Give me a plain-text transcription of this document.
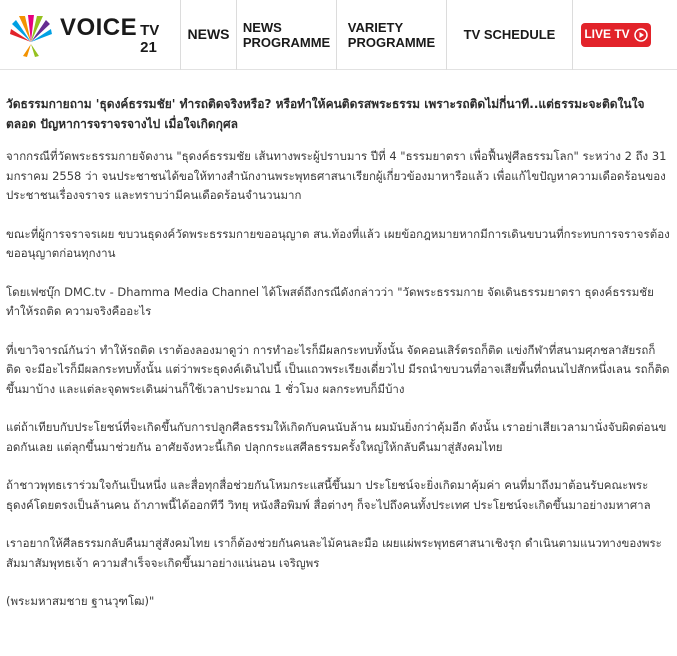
VOICE TV 21
NEWS NEWS
PROGRAMME
VARIETY
PROGRAMME TV SCHEDULE LIVE TV
วัดธรรมกายถาม 'ธุดงค์ธรรมชัย' ทำรถติดจริงหรือ? หรือทำให้คนติดรสพระธรรม เพราะรถติดไม่กี่นาที..แต่ธรรมะจะติดในใจตลอด ปัญหาการจราจรจางไป เมื่อใจเกิดกุศล

จากกรณีที่วัดพระธรรมกายจัดงาน "ธุดงค์ธรรมชัย เส้นทางพระผู้ปราบมาร ปีที่ 4 "ธรรมยาตรา เพื่อฟื้นฟูศีลธรรมโลก" ระหว่าง 2 ถึง 31 มกราคม 2558 ว่า จนประชาชนได้ขอให้ทางสำนักงานพระพุทธศาสนาเรียกผู้เกี่ยวข้องมาหารือแล้ว เพื่อแก้ไขปัญหาความเดือดร้อนของประชาชนเรื่องจราจร และทราบว่ามีคนเดือดร้อนจำนวนมาก

ขณะที่ผู้การจราจรเผย ขบวนธุดงค์วัดพระธรรมกายขออนุญาต สน.ท้องที่แล้ว เผยข้อกฎหมายหากมีการเดินขบวนที่กระทบการจราจรต้องขออนุญาตก่อนทุกงาน

โดยเฟซบุ๊ก DMC.tv - Dhamma Media Channel ได้โพสต์ถึงกรณีดังกล่าวว่า "วัดพระธรรมกาย จัดเดินธรรมยาตรา ธุดงค์ธรรมชัย ทำให้รถติด ความจริงคืออะไร

ที่เขาวิจารณ์กันว่า ทำให้รถติด เราต้องลองมาดูว่า การทำอะไรก็มีผลกระทบทั้งนั้น จัดคอนเสิร์ตรถก็ติด แข่งกีฬาที่สนามศุภชลาสัยรถก็ติด จะมีอะไรก็มีผลกระทบทั้งนั้น แต่ว่าพระธุดงค์เดินไปนี้ เป็นแถวพระเรียงเดี่ยวไป มีรถนำขบวนที่อาจเสียพื้นที่ถนนไปสักหนึ่งเลน รถก็ติดขึ้นมาบ้าง และแต่ละจุดพระเดินผ่านก็ใช้เวลาประมาณ 1 ชั่วโมง ผลกระทบก็มีบ้าง

แต่ถ้าเทียบกับประโยชน์ที่จะเกิดขึ้นกับการปลูกศีลธรรมให้เกิดกับคนนับล้าน ผมมันยิ่งกว่าคุ้มอีก ดังนั้น เราอย่าเสียเวลามานั่งจับผิดต่อนขอดกันเลย แต่ลุกขึ้นมาช่วยกัน อาศัยจังหวะนี้เกิด ปลุกกระแสศีลธรรมครั้งใหญ่ให้กลับคืนมาสู่สังคมไทย

ถ้าชาวพุทธเราร่วมใจกันเป็นหนึ่ง และสื่อทุกสื่อช่วยกันโหมกระแสนี้ขึ้นมา ประโยชน์จะยิ่งเกิดมาคุ้มค่า คนที่มาถึงมาต้อนรับคณะพระธุดงค์โดยตรงเป็นล้านคน ถ้าภาพนี้ได้ออกทีวี วิทยุ หนังสือพิมพ์ สื่อต่างๆ ก็จะไปถึงคนทั้งประเทศ ประโยชน์จะเกิดขึ้นมาอย่างมหาศาล

เราอยากให้ศีลธรรมกลับคืนมาสู่สังคมไทย เราก็ต้องช่วยกันคนละไม้คนละมือ เผยแผ่พระพุทธศาสนาเชิงรุก ดำเนินตามแนวทางของพระสัมมาสัมพุทธเจ้า ความสำเร็จจะเกิดขึ้นมาอย่างแน่นอน เจริญพร

(พระมหาสมชาย ฐานวุฑโฒ)"
